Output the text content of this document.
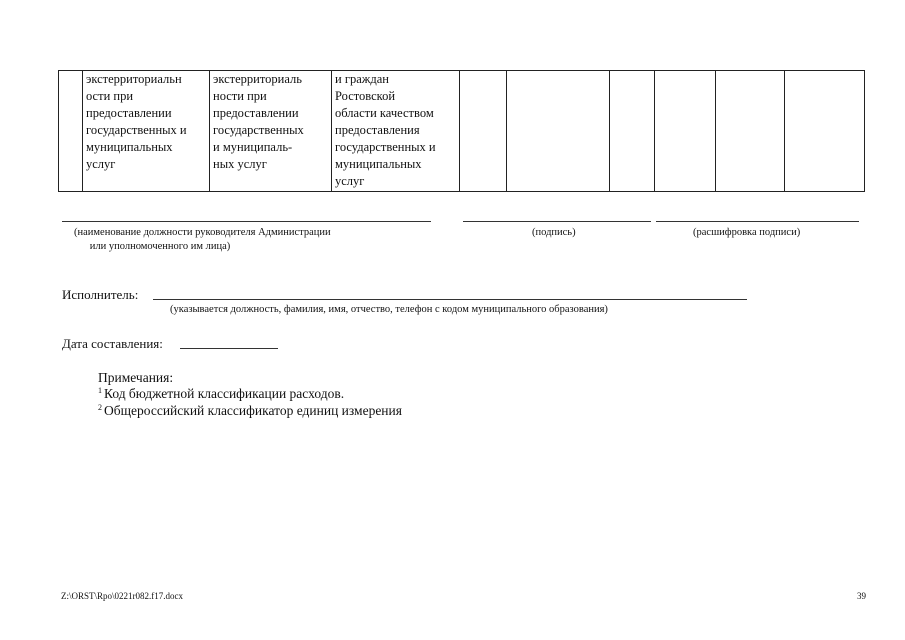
экстерриториальн
ости при
предоставлении
государственных и
муниципальных
услуг

экстерриториаль
ности при
предоставлении
государственных
и муниципаль-
ных услуг

и граждан
Ростовской
области качеством
предоставления
государственных и
муниципальных
услуг

(наименование должности руководителя Администрации
или уполномоченного им лица)
(подпись)	(расшифровка подписи)
Исполнитель:
(указывается должность, фамилия, имя, отчество, телефон с кодом муниципального образования)
Дата составления:
Примечания:
$^1$ Код бюджетной классификации расходов.
$^2$ Общероссийский классификатор единиц измерения
Z:\ORST\Rpo\0221r082.f17.docx	39
